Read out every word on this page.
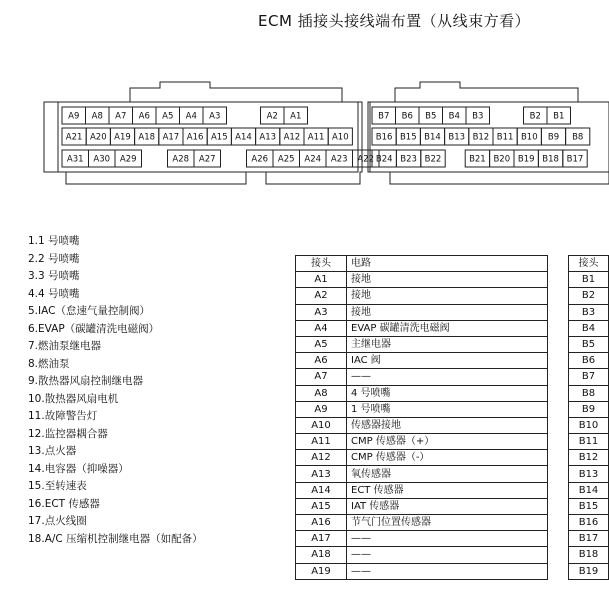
ECM 插接头接线端布置（从线束方看）
A9 A8 A7 A6 A5 A4 A3	A2 A1
A21 A20 A19 A18 A17 A16 A15 A14 A13 A12 A11 A10
A31 A30 A29	A28 A27	A26 A25 A24 A23 A22
B7 B6 B5 B4 B3	B2 B1
B16 B15 B14 B13 B12 B11 B10 B9 B8
B24 B23 B22	B21 B20 B19 B18 B17
1.1 号喷嘴
2.2 号喷嘴
3.3 号喷嘴
4.4 号喷嘴
5.IAC（怠速气量控制阀）
6.EVAP（碳罐清洗电磁阀）
7.燃油泵继电器
8.燃油泵
9.散热器风扇控制继电器
10.散热器风扇电机
11.故障警告灯
12.监控器耦合器
13.点火器
14.电容器（抑噪器）
15.至转速表
16.ECT 传感器
17.点火线圈
18.A/C 压缩机控制继电器（如配备）
接头	电路
A1	接地
A2	接地
A3	接地
A4	EVAP 碳罐清洗电磁阀
A5	主继电器
A6	IAC 阀
A7	——
A8	4 号喷嘴
A9	1 号喷嘴
A10	传感器接地
A11	CMP 传感器（+）
A12	CMP 传感器（-）
A13	氧传感器
A14	ECT 传感器
A15	IAT 传感器
A16	节气门位置传感器
A17	——
A18	——
A19	——
接头
B1
B2
B3
B4
B5
B6
B7
B8
B9
B10
B11
B12
B13
B14
B15
B16
B17
B18
B19
